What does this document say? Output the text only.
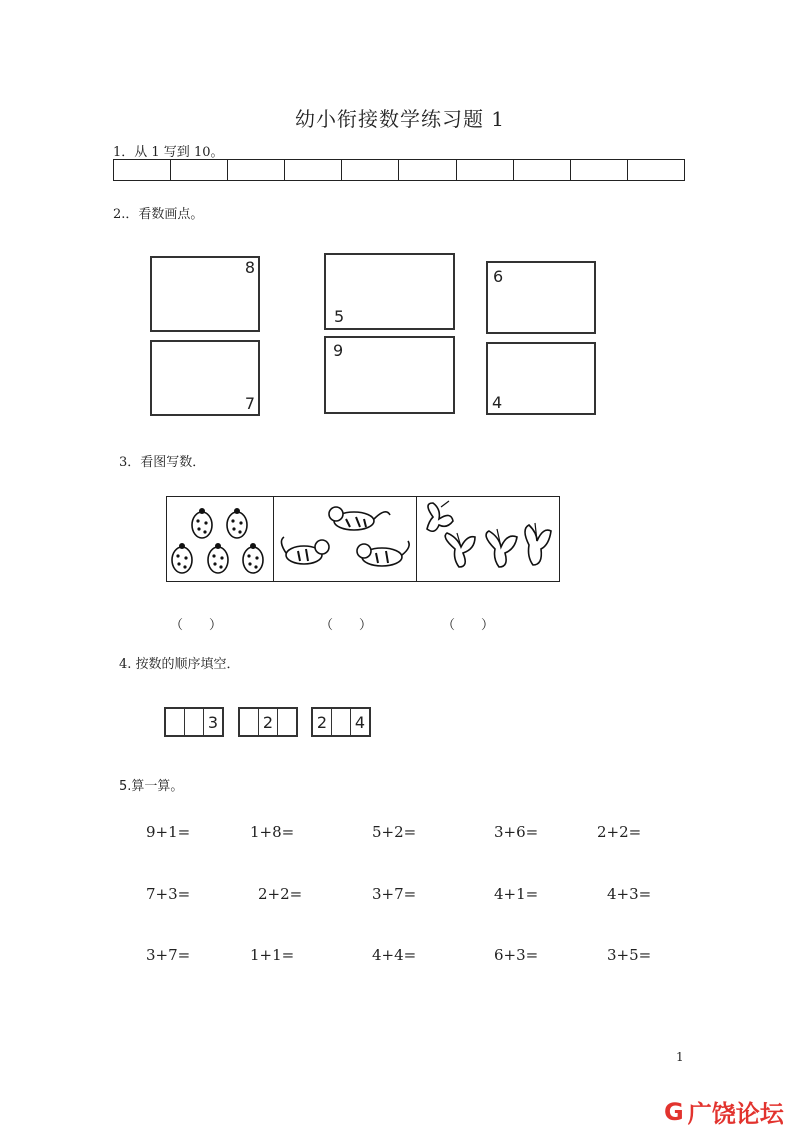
幼小衔接数学练习题 1
1．从 1 写到 10。
2.．看数画点。
8
5
6
7
9
4
3．看图写数．
（　　）	（　　）	（　　）
4. 按数的顺序填空．
3	2	2	4
5.算一算。
9+1=	1+8=	5+2=	3+6=	2+2=
7+3=	2+2=	3+7=	4+1=	4+3=
3+7=	1+1=	4+4=	6+3=	3+5=
1
G 广饶论坛
